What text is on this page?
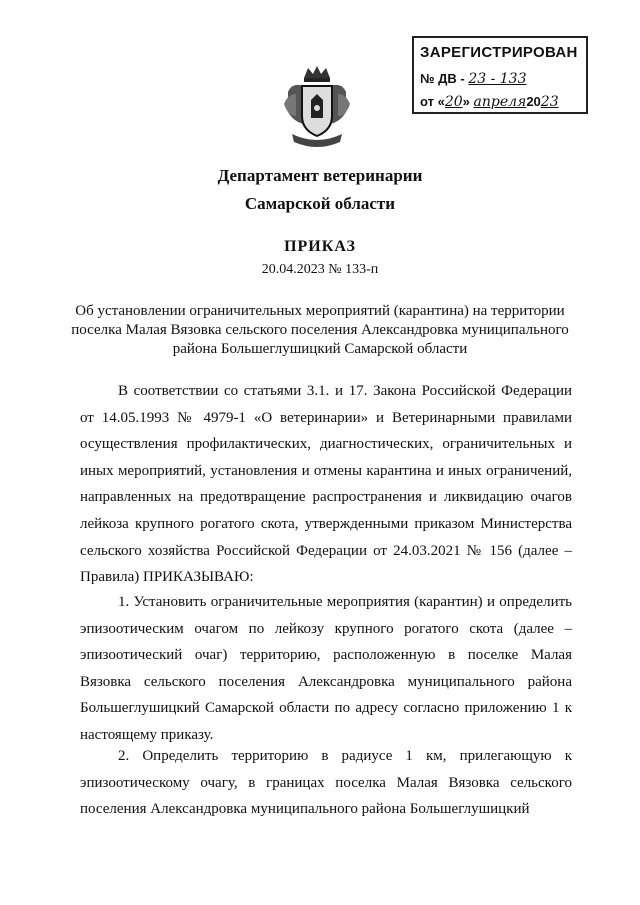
ЗАРЕГИСТРИРОВАН
№ ДВ - 23 - 133
от «20» апреля2023
Департамент ветеринарии
Самарской области
ПРИКАЗ
20.04.2023 № 133-п
Об установлении ограничительных мероприятий (карантина) на территории поселка Малая Вязовка сельского поселения Александровка муниципального района Большеглушицкий Самарской области
В соответствии со статьями 3.1. и 17. Закона Российской Федерации от 14.05.1993 № 4979-1 «О ветеринарии» и Ветеринарными правилами осуществления профилактических, диагностических, ограничительных и иных мероприятий, установления и отмены карантина и иных ограничений, направленных на предотвращение распространения и ликвидацию очагов лейкоза крупного рогатого скота, утвержденными приказом Министерства сельского хозяйства Российской Федерации от 24.03.2021 № 156 (далее – Правила) ПРИКАЗЫВАЮ:
1. Установить ограничительные мероприятия (карантин) и определить эпизоотическим очагом по лейкозу крупного рогатого скота (далее – эпизоотический очаг) территорию, расположенную в поселке Малая Вязовка сельского поселения Александровка муниципального района Большеглушицкий Самарской области по адресу согласно приложению 1 к настоящему приказу.
2. Определить территорию в радиусе 1 км, прилегающую к эпизоотическому очагу, в границах поселка Малая Вязовка сельского поселения Александровка муниципального района Большеглушицкий
